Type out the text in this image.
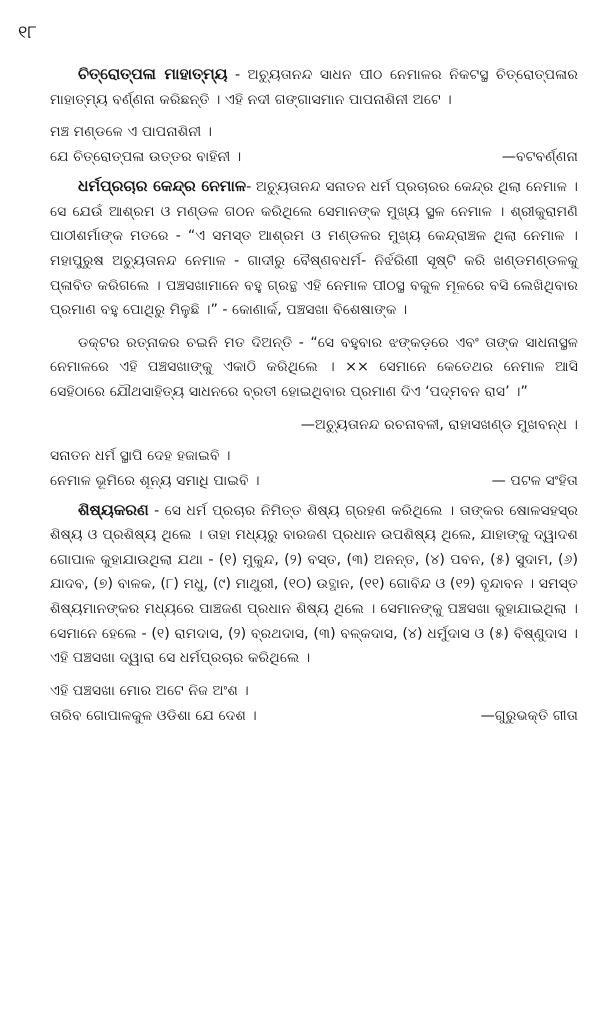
୧୮

ଚିତ୍ରୋତ୍ପଳା ମାହାତ୍ମ୍ୟ - ଅଚ୍ୟୁତାନନ୍ଦ ସାଧନ ପୀଠ ନେମାଳର ନିକଟସ୍ଥ ଚିତ୍ରୋତ୍ପଳାର ମାହାତ୍ମ୍ୟ ବର୍ଣ୍ଣନା କରିଛନ୍ତି । ଏହି ନଦୀ ଗଙ୍ଗାସମାନ ପାପନାଶିନୀ ଅଟେ ।

ମଞ୍ଚ ମଣ୍ଡଳେ ଏ ପାପନାଶିନୀ ।
ଯେ ଚିତ୍ରୋତ୍ପଳା ଉତ୍ତର ବାହିନୀ ।	—ବଟବର୍ଣ୍ଣନା

ଧର୍ମପ୍ରଚାର କେନ୍ଦ୍ର ନେମାଳ- ଅଚ୍ୟୁତାନନ୍ଦ ସନାତନ ଧର୍ମ ପ୍ରଚାରର କେନ୍ଦ୍ର ଥିଲା ନେମାଳ । ସେ ଯେଉଁ ଆଶ୍ରମ ଓ ମଣ୍ଡଳ ଗଠନ କରିଥିଲେ ସେମାନଙ୍କ ମୁଖ୍ୟ ସ୍ଥଳ ନେମାଳ । ଶ୍ରୀକୁରାମଣି ପାଠୀଶର୍ମାଙ୍କ ମତରେ - “ଏ ସମସ୍ତ ଆଶ୍ରମ ଓ ମଣ୍ଡଳର ମୁଖ୍ୟ କେନ୍ଦ୍ରାଞ୍ଚଳ ଥିଲା ନେମାଳ । ମହାପୁରୁଷ ଅଚ୍ୟୁତାନନ୍ଦ ନେମାଳ - ଗାଦୀରୁ ବୈଷ୍ଣବଧର୍ମ- ନିର୍ଝରିଣୀ ସୃଷ୍ଟି କରି ଖଣ୍ଡମଣ୍ଡଳକୁ ପ୍ଳାବିତ କରିଗଲେ । ପଞ୍ଚସଖାମାନେ ବହୁ ଗ୍ରନ୍ଥ ଏହି ନେମାଳ ପୀଠସ୍ଥ ବକୁଳ ମୂଳରେ ବସି ଲେଖିଥିବାର ପ୍ରମାଣ ବହୁ ପୋଥିରୁ ମିଳୁଛି ।” - କୋଣାର୍କ, ପଞ୍ଚସଖା ବିଶେଷାଙ୍କ ।

ଡକ୍ଟର ରତ୍ନାକର ଚଇନି ମତ ଦିଅନ୍ତି - “ସେ ବହୁବାର ଝଙ୍କଡ଼ରେ ଏବଂ ତାଙ୍କ ସାଧନାସ୍ଥଳ ନେମାଳରେ ଏହି ପଞ୍ଚସଖାଙ୍କୁ ଏକାଠି କରିଥିଲେ । ×× ସେମାନେ କେତେଥର ନେମାଳ ଆସି ସେହିଠାରେ ଯୌଥସାହିତ୍ୟ ସାଧନରେ ବ୍ରତୀ ହୋଇଥିବାର ପ୍ରମାଣ ଦିଏ ‘ପଦ୍ମବନ ରାସ’ ।”

—ଅଚ୍ୟୁତାନନ୍ଦ ରଚନାବଳୀ, ରାହାସଖଣ୍ଡ ମୁଖବନ୍ଧ ।
ସନାତନ ଧର୍ମ ସ୍ଥାପି ଦେହ ହଜାଇବି ।
ନେମାଳ ଭୂମିରେ ଶୂନ୍ୟ ସମାଧି ପାଇବି ।	— ପଟଳ ସଂହିତା

ଶିଷ୍ୟକରଣ - ସେ ଧର୍ମ ପ୍ରଚାର ନିମିତ୍ତ ଶିଷ୍ୟ ଗ୍ରହଣ କରିଥିଲେ । ତାଙ୍କର ଷୋଳସହସ୍ର ଶିଷ୍ୟ ଓ ପ୍ରଶିଷ୍ୟ ଥିଲେ । ତାହା ମଧ୍ୟରୁ ବାରଜଣ ପ୍ରଧାନ ଉପଶିଷ୍ୟ ଥିଲେ, ଯାହାଙ୍କୁ ଦ୍ୱାଦଶ ଗୋପାଳ କୁହାଯାଉଥିଲା ଯଥା - (୧) ମୁକୁନ୍ଦ, (୨) ବସ୍ତ, (୩) ଅନନ୍ତ, (୪) ପବନ, (୫) ସୁଦାମ, (୬) ଯାଦବ, (୭) ବାଳକ, (୮) ମଧୁ, (୯) ମାଥୁରୀ, (୧୦) ଉତ୍ଥାନ, (୧୧) ଗୋବିନ୍ଦ ଓ (୧୨) ବୃନ୍ଦାବନ । ସମସ୍ତ ଶିଷ୍ୟମାନଙ୍କର ମଧ୍ୟରେ ପାଞ୍ଚଜଣ ପ୍ରଧାନ ଶିଷ୍ୟ ଥିଲେ । ସେମାନଙ୍କୁ ପଞ୍ଚସଖା କୁହାଯାଇଥିଲା । ସେମାନେ ହେଲେ - (୧) ରାମଦାସ, (୨) ବ୍ରଥଦାସ, (୩) ବଳ୍କଦାସ, (୪) ଧର୍ମୁଦାସ ଓ (୫) ବିଷ୍ଣୁଦାସ । ଏହି ପଞ୍ଚସଖା ଦ୍ୱାରା ସେ ଧର୍ମପ୍ରଚାର କରିଥିଲେ ।

ଏହି ପଞ୍ଚସଖା ମୋର ଅଟେ ନିଜ ଅଂଶ ।
ତାରିବ ଗୋପାଳକୁଳ ଓଡିଶା ଯେ ଦେଶ ।	—ଗୁରୁଭକ୍ତି ଗୀତା
